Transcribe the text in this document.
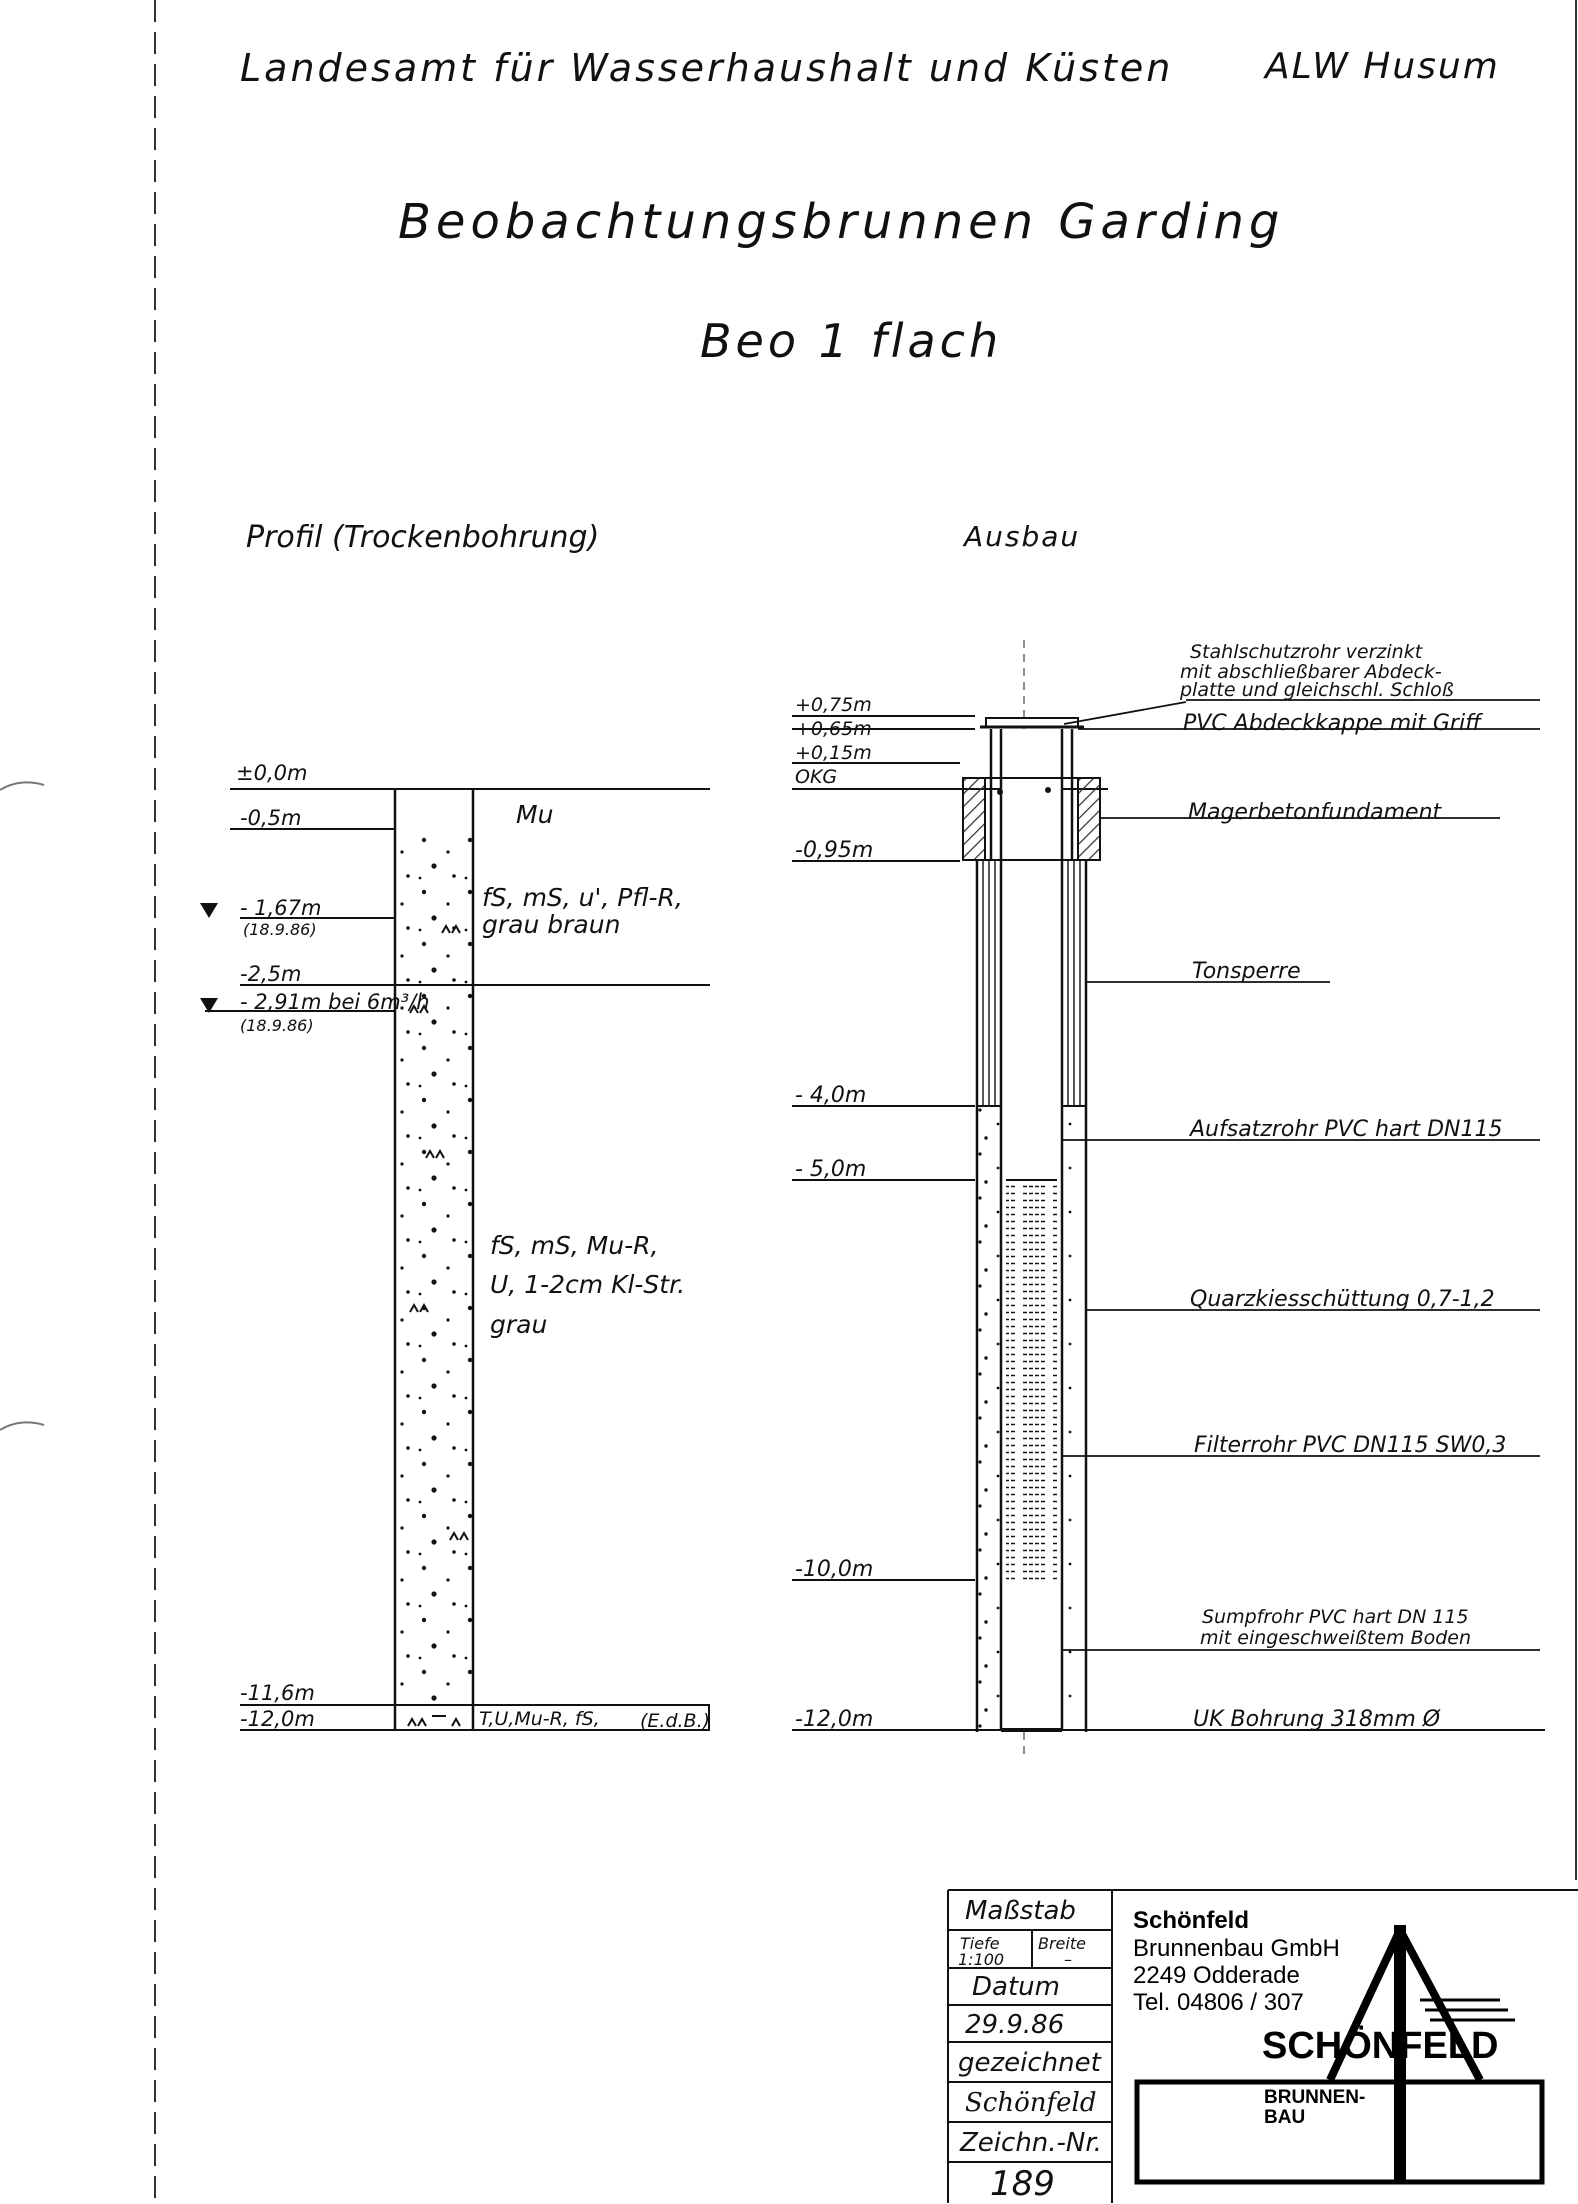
Landesamt für Wasserhaushalt und Küsten	ALW Husum
Beobachtungsbrunnen Garding
Beo 1 flach
Profil (Trockenbohrung)	Ausbau
±0,0m
-0,5m
-2,5m
-11,6m
-12,0m
- 1,67m
(18.9.86)
- 2,91m bei 6m³/h
(18.9.86)
Mu
fS, mS, u', Pfl-R,
grau braun
fS, mS, Mu-R,
U, 1-2cm Kl-Str.
grau
T,U,Mu-R, fS, (E.d.B.)
+0,75m
+0,65m
+0,15m
OKG
-0,95m
- 4,0m
- 5,0m
-10,0m
-12,0m
Stahlschutzrohr verzinkt
mit abschließbarer Abdeck-
platte und gleichschl. Schloß
PVC Abdeckkappe mit Griff
Magerbetonfundament
Tonsperre
Aufsatzrohr PVC hart DN115
Quarzkiesschüttung 0,7-1,2
Filterrohr PVC DN115 SW0,3
Sumpfrohr PVC hart DN 115
mit eingeschweißtem Boden
UK Bohrung 318mm Ø
Maßstab
Tiefe
1:100
Breite
–
Datum
29.9.86
gezeichnet
Schönfeld
Zeichn.-Nr.
189
Schönfeld
Brunnenbau GmbH
2249 Odderade
Tel. 04806 / 307
SCHÖNFELD
BRUNNEN-
BAU
